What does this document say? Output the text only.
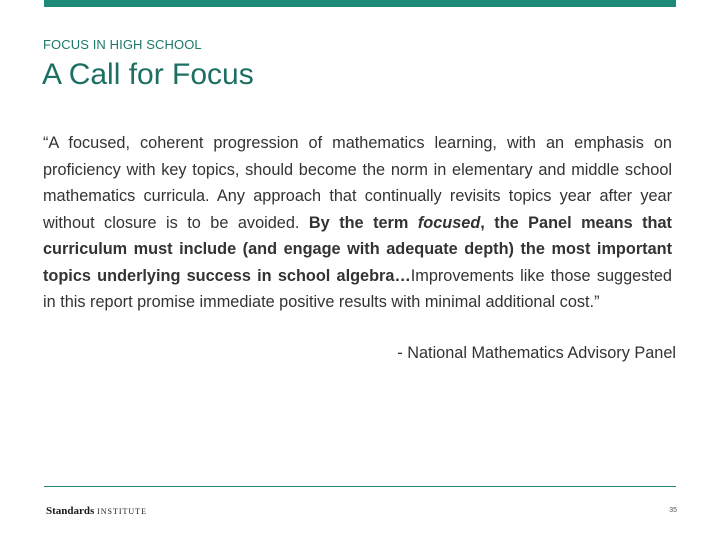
FOCUS IN HIGH SCHOOL
A Call for Focus

“A focused, coherent progression of mathematics learning, with an emphasis on proficiency with key topics, should become the norm in elementary and middle school mathematics curricula. Any approach that continually revisits topics year after year without closure is to be avoided. By the term focused, the Panel means that curriculum must include (and engage with adequate depth) the most important topics underlying success in school algebra…Improvements like those suggested in this report promise immediate positive results with minimal additional cost.”

- National Mathematics Advisory Panel
Standards INSTITUTE	35
